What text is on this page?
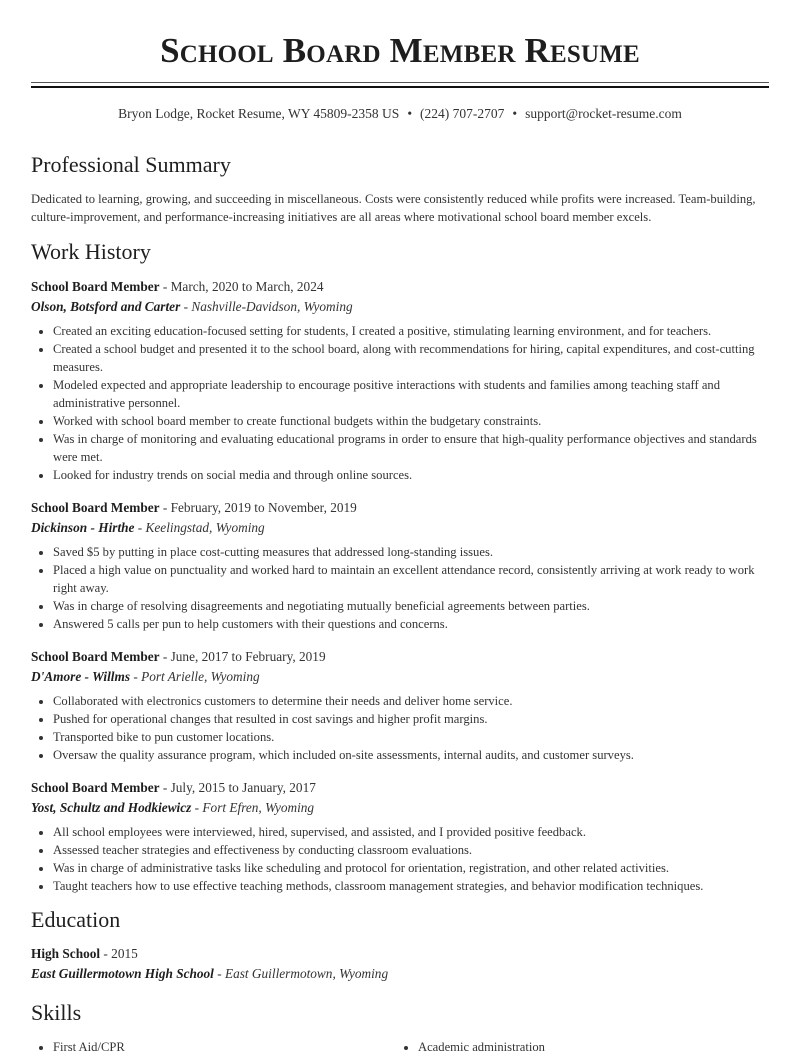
School Board Member Resume
Bryon Lodge, Rocket Resume, WY 45809-2358 US • (224) 707-2707 • support@rocket-resume.com
Professional Summary

Dedicated to learning, growing, and succeeding in miscellaneous. Costs were consistently reduced while profits were increased. Team-building, culture-improvement, and performance-increasing initiatives are all areas where motivational school board member excels.

Work History
School Board Member - March, 2020 to March, 2024
Olson, Botsford and Carter - Nashville-Davidson, Wyoming
• Created an exciting education-focused setting for students, I created a positive, stimulating learning environment, and for teachers.
• Created a school budget and presented it to the school board, along with recommendations for hiring, capital expenditures, and cost-cutting measures.
• Modeled expected and appropriate leadership to encourage positive interactions with students and families among teaching staff and administrative personnel.
• Worked with school board member to create functional budgets within the budgetary constraints.
• Was in charge of monitoring and evaluating educational programs in order to ensure that high-quality performance objectives and standards were met.
• Looked for industry trends on social media and through online sources.
School Board Member - February, 2019 to November, 2019
Dickinson - Hirthe - Keelingstad, Wyoming
• Saved $5 by putting in place cost-cutting measures that addressed long-standing issues.
• Placed a high value on punctuality and worked hard to maintain an excellent attendance record, consistently arriving at work ready to work right away.
• Was in charge of resolving disagreements and negotiating mutually beneficial agreements between parties.
• Answered 5 calls per pun to help customers with their questions and concerns.
School Board Member - June, 2017 to February, 2019
D'Amore - Willms - Port Arielle, Wyoming
• Collaborated with electronics customers to determine their needs and deliver home service.
• Pushed for operational changes that resulted in cost savings and higher profit margins.
• Transported bike to pun customer locations.
• Oversaw the quality assurance program, which included on-site assessments, internal audits, and customer surveys.
School Board Member - July, 2015 to January, 2017
Yost, Schultz and Hodkiewicz - Fort Efren, Wyoming
• All school employees were interviewed, hired, supervised, and assisted, and I provided positive feedback.
• Assessed teacher strategies and effectiveness by conducting classroom evaluations.
• Was in charge of administrative tasks like scheduling and protocol for orientation, registration, and other related activities.
• Taught teachers how to use effective teaching methods, classroom management strategies, and behavior modification techniques.
Education
High School - 2015
East Guillermotown High School - East Guillermotown, Wyoming
Skills
• First Aid/CPR	• Academic administration
